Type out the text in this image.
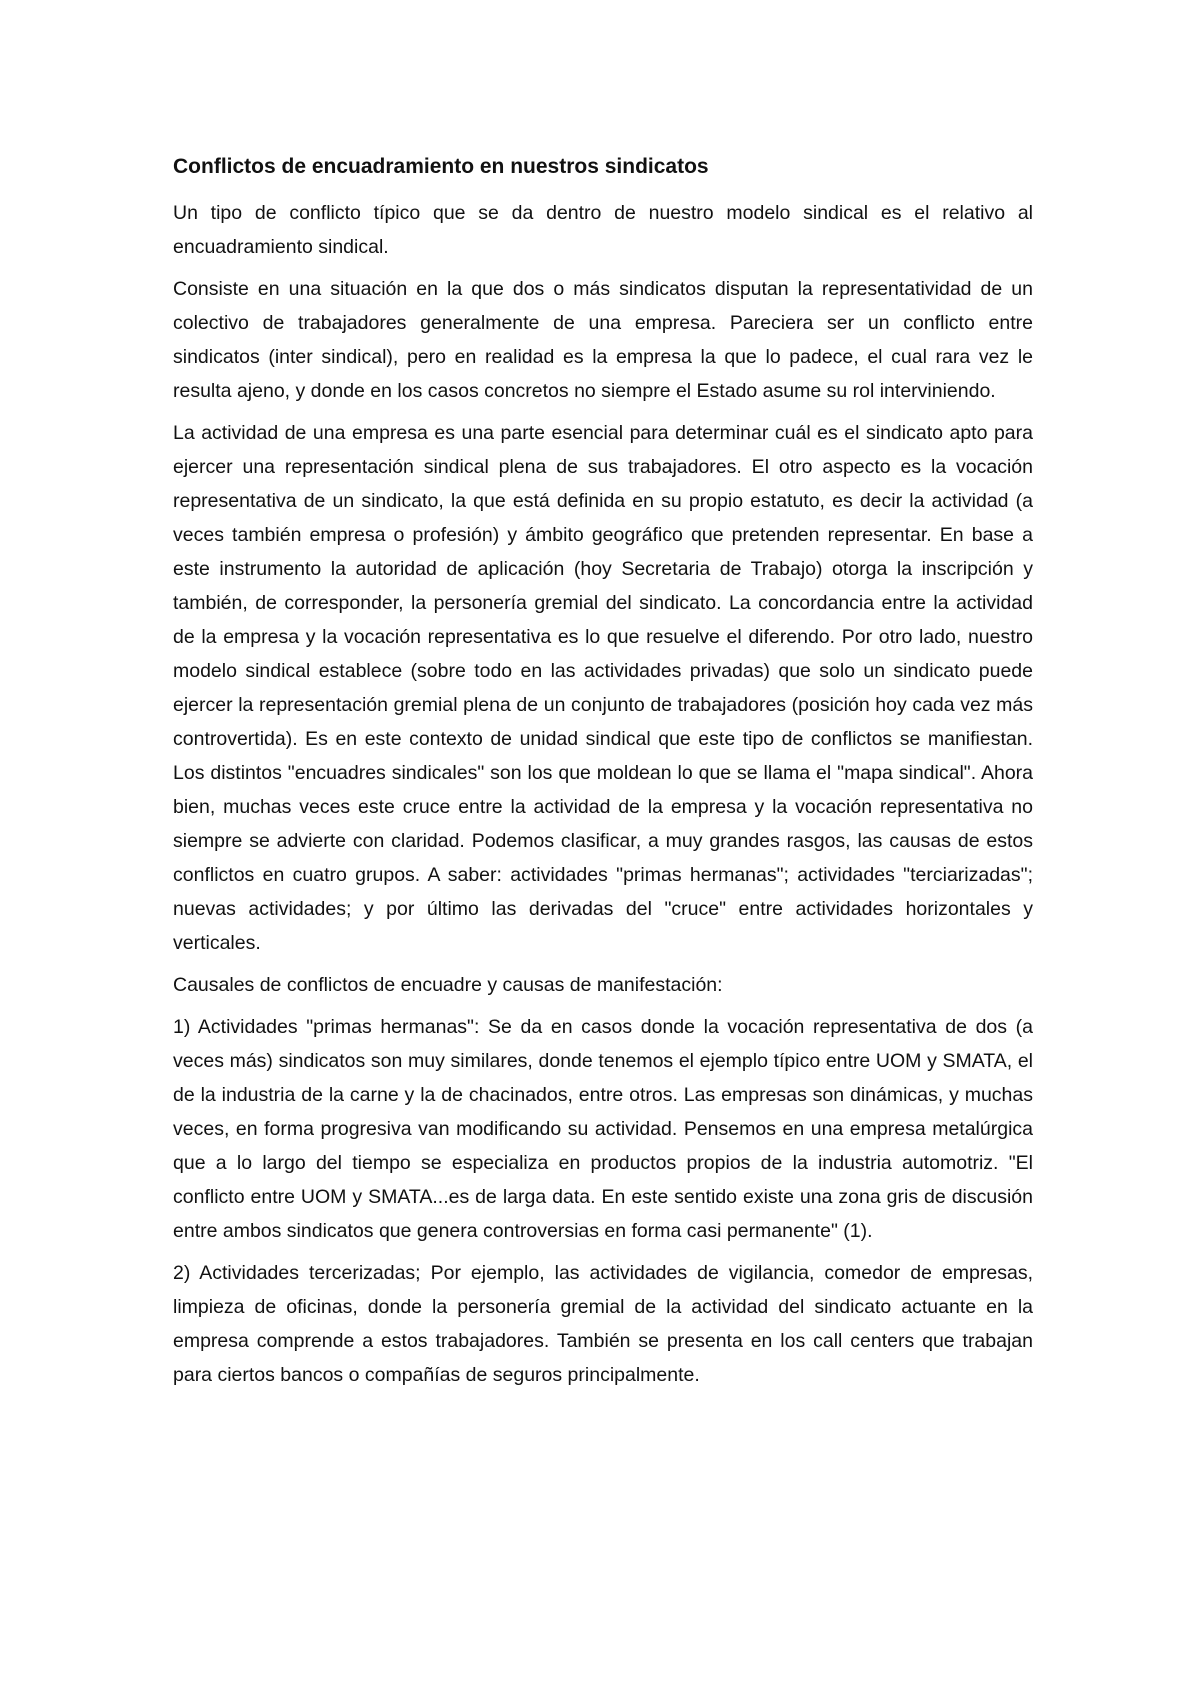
Conflictos de encuadramiento en nuestros sindicatos

Un tipo de conflicto típico que se da dentro de nuestro modelo sindical es el relativo al encuadramiento sindical.

Consiste en una situación en la que dos o más sindicatos disputan la representatividad de un colectivo de trabajadores generalmente de una empresa. Pareciera ser un conflicto entre sindicatos (inter sindical), pero en realidad es la empresa la que lo padece, el cual rara vez le resulta ajeno, y donde en los casos concretos no siempre el Estado asume su rol interviniendo.

La actividad de una empresa es una parte esencial para determinar cuál es el sindicato apto para ejercer una representación sindical plena de sus trabajadores. El otro aspecto es la vocación representativa de un sindicato, la que está definida en su propio estatuto, es decir la actividad (a veces también empresa o profesión) y ámbito geográfico que pretenden representar. En base a este instrumento la autoridad de aplicación (hoy Secretaria de Trabajo) otorga la inscripción y también, de corresponder, la personería gremial del sindicato. La concordancia entre la actividad de la empresa y la vocación representativa es lo que resuelve el diferendo. Por otro lado, nuestro modelo sindical establece (sobre todo en las actividades privadas) que solo un sindicato puede ejercer la representación gremial plena de un conjunto de trabajadores (posición hoy cada vez más controvertida). Es en este contexto de unidad sindical que este tipo de conflictos se manifiestan. Los distintos "encuadres sindicales" son los que moldean lo que se llama el "mapa sindical". Ahora bien, muchas veces este cruce entre la actividad de la empresa y la vocación representativa no siempre se advierte con claridad. Podemos clasificar, a muy grandes rasgos, las causas de estos conflictos en cuatro grupos. A saber: actividades "primas hermanas"; actividades "terciarizadas"; nuevas actividades; y por último las derivadas del "cruce" entre actividades horizontales y verticales.

Causales de conflictos de encuadre y causas de manifestación:

1) Actividades "primas hermanas": Se da en casos donde la vocación representativa de dos (a veces más) sindicatos son muy similares, donde tenemos el ejemplo típico entre UOM y SMATA, el de la industria de la carne y la de chacinados, entre otros. Las empresas son dinámicas, y muchas veces, en forma progresiva van modificando su actividad. Pensemos en una empresa metalúrgica que a lo largo del tiempo se especializa en productos propios de la industria automotriz. "El conflicto entre UOM y SMATA...es de larga data. En este sentido existe una zona gris de discusión entre ambos sindicatos que genera controversias en forma casi permanente" (1).

2) Actividades tercerizadas; Por ejemplo, las actividades de vigilancia, comedor de empresas, limpieza de oficinas, donde la personería gremial de la actividad del sindicato actuante en la empresa comprende a estos trabajadores. También se presenta en los call centers que trabajan para ciertos bancos o compañías de seguros principalmente.
